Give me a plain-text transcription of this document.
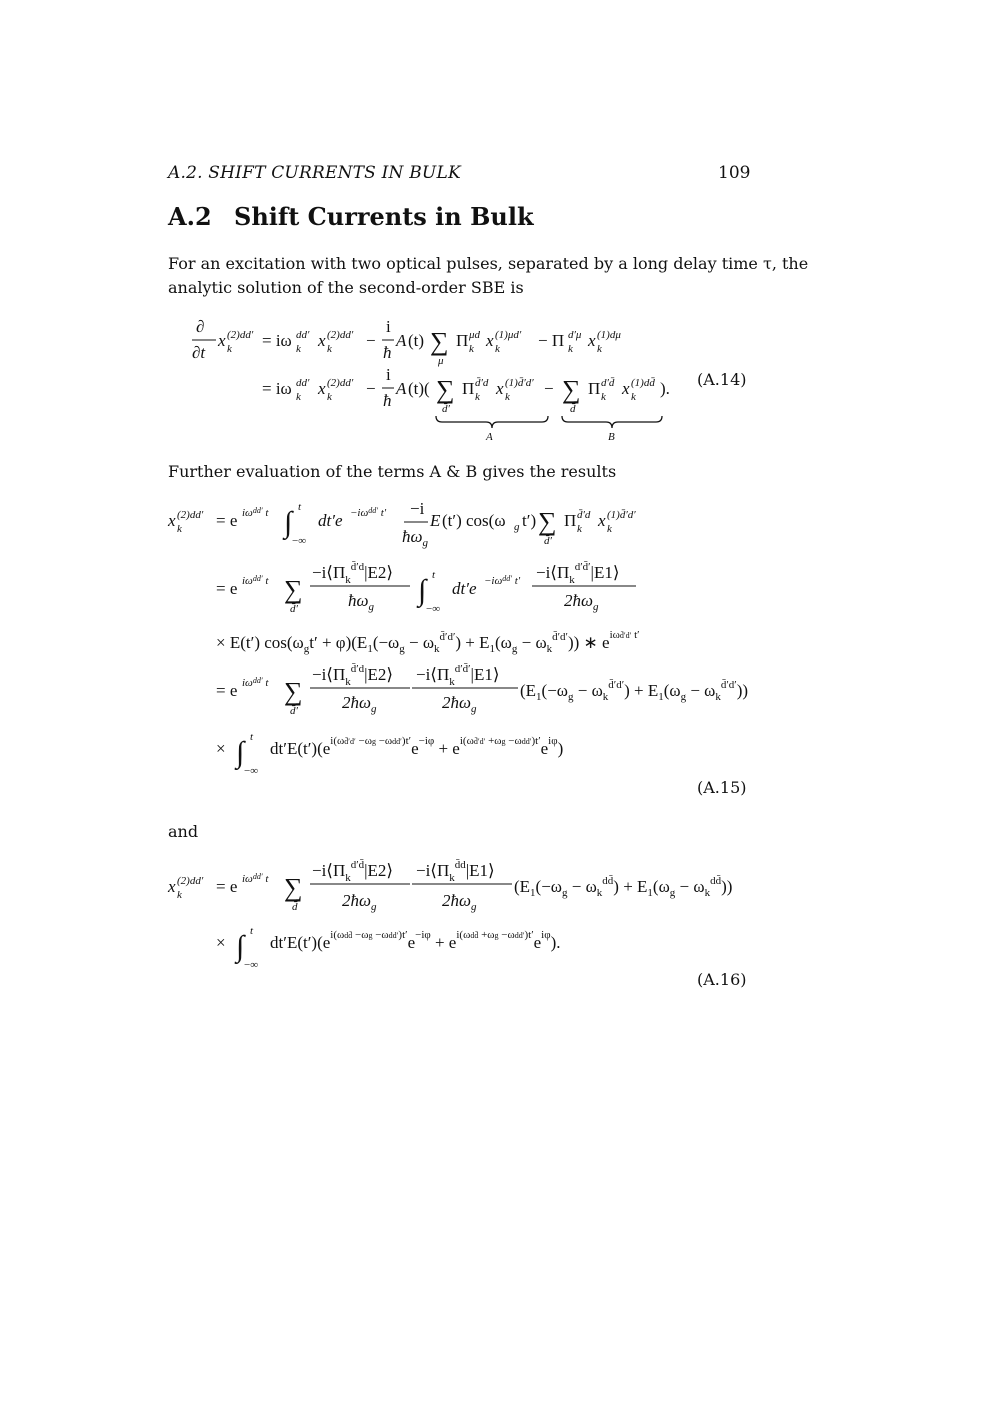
A.2. SHIFT CURRENTS IN BULK	109
A.2 Shift Currents in Bulk
For an excitation with two optical pulses, separated by a long delay time τ, the
analytic solution of the second-order SBE is
∂
∂t
x k
(2)dd′ = iω k
dd′ x k
(2)dd′ −
i
ħ
A (t) ∑
μ
Π k
μd x k
(1)μd′ − Π k
d′μ x k
(1)dμ
= iω k
dd′ x k
(2)dd′ −
i
ħ
A (t)( ∑
d̄′
Π k
d̄′d x k
(1)d̄′d′ − ∑
d̄
Π k
d′d̄ x k
(1)dd̄ ).
A	B
(A.14)
Further evaluation of the terms A & B gives the results
x k
(2)dd′ = e $i\omega^{dd'}$ t ∫ t
−∞
$dt'e -i\omega^{dd'}$ t′ −i
$ħ\omega_g$
E (t′) cos(ω g t′) ∑
d̄′
Π k
d̄′d x k
(1)d̄′d′
= e $i\omega^{dd'}$ t ∑
d̄′
$-i⟨\Pi_k^{d̄'d}|E2⟩$
$ħ\omega_g$ ∫ t
−∞
$dt'e -i\omega^{dd'}$ $t' -i⟨\Pi_k^{d'd̄'}|E1⟩$
$2ħ\omega_g$
× E(t′) $\cos(\omega_gt' + \varphi)(E_1(-\omega_g - \omega_k^{d̄'d'}) + E_1(\omega_g - \omega_k^{d̄'d'}))$ ∗ $e^{i\omega d̄'d' t'}$
= e $i\omega^{dd'}$ t ∑
d̄′
$-i⟨\Pi_k^{d̄'d}|E2⟩$
$2ħ\omega_g$
$-i⟨\Pi_k^{d'd̄'}|E1⟩$
$2ħ\omega_g$
$(E_1(-\omega_g - \omega_k^{d̄'d'}) + E_1(\omega_g - \omega_k^{d̄'d'}))$
× ∫ t
−∞
$dt'E(t')(e^{i(\omega d̄'d' -\omega g -\omega dd')t'}e^{-i\varphi} + e^{i(\omega d̄'d' +\omega g -\omega dd')t'}e^{i\varphi})$
(A.15)
and
x k
(2)dd′ = e $i\omega^{dd'}$ t ∑
d̄
$-i⟨\Pi_k^{d'd̄}|E2⟩$
$2ħ\omega_g$
$-i⟨\Pi_k^{d̄d}|E1⟩$
$2ħ\omega_g$
$(E_1(-\omega_g - \omega_k^{dd̄}) + E_1(\omega_g - \omega_k^{dd̄}))$
× ∫ t
−∞
$dt'E(t')(e^{i(\omega dd̄ -\omega g -\omega dd')t'}e^{-i\varphi} + e^{i(\omega dd̄ +\omega g -\omega dd')t'}e^{i\varphi})$.
(A.16)
